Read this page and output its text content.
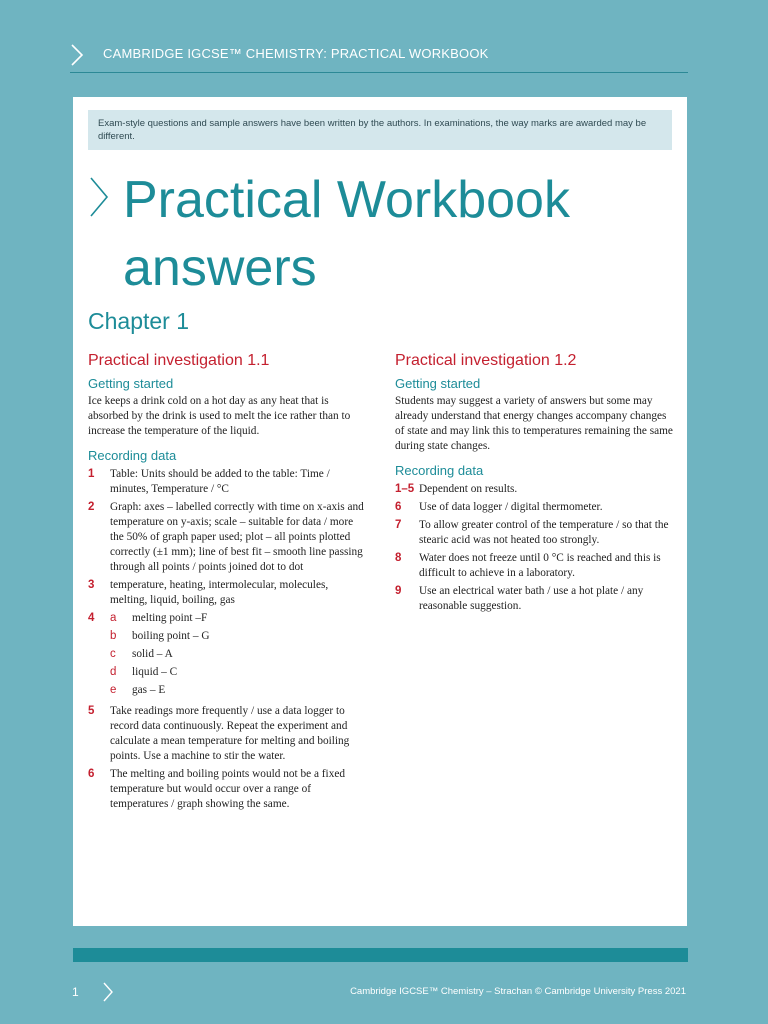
CAMBRIDGE IGCSE™ CHEMISTRY: PRACTICAL WORKBOOK
Exam-style questions and sample answers have been written by the authors. In examinations, the way marks are awarded may be different.
Practical Workbook answers
Chapter 1
Practical investigation 1.1
Getting started

Ice keeps a drink cold on a hot day as any heat that is absorbed by the drink is used to melt the ice rather than to increase the temperature of the liquid.

Recording data
1	Table: Units should be added to the table: Time / minutes, Temperature / °C
2	Graph: axes – labelled correctly with time on x-axis and temperature on y-axis; scale – suitable for data / more the 50% of graph paper used; plot – all points plotted correctly (±1 mm); line of best fit – smooth line passing through all points / points joined dot to dot
3	temperature, heating, intermolecular, molecules, melting, liquid, boiling, gas
4	a	melting point –F
b	boiling point – G
c	solid – A
d	liquid – C
e	gas – E
5	Take readings more frequently / use a data logger to record data continuously. Repeat the experiment and calculate a mean temperature for melting and boiling points. Use a machine to stir the water.
6	The melting and boiling points would not be a fixed temperature but would occur over a range of temperatures / graph showing the same.
Practical investigation 1.2
Getting started

Students may suggest a variety of answers but some may already understand that energy changes accompany changes of state and may link this to temperatures remaining the same during state changes.

Recording data
1–5 Dependent on results.
6	Use of data logger / digital thermometer.
7	To allow greater control of the temperature / so that the stearic acid was not heated too strongly.
8	Water does not freeze until 0 °C is reached and this is difficult to achieve in a laboratory.
9	Use an electrical water bath / use a hot plate / any reasonable suggestion.
1	Cambridge IGCSE™ Chemistry – Strachan © Cambridge University Press 2021
